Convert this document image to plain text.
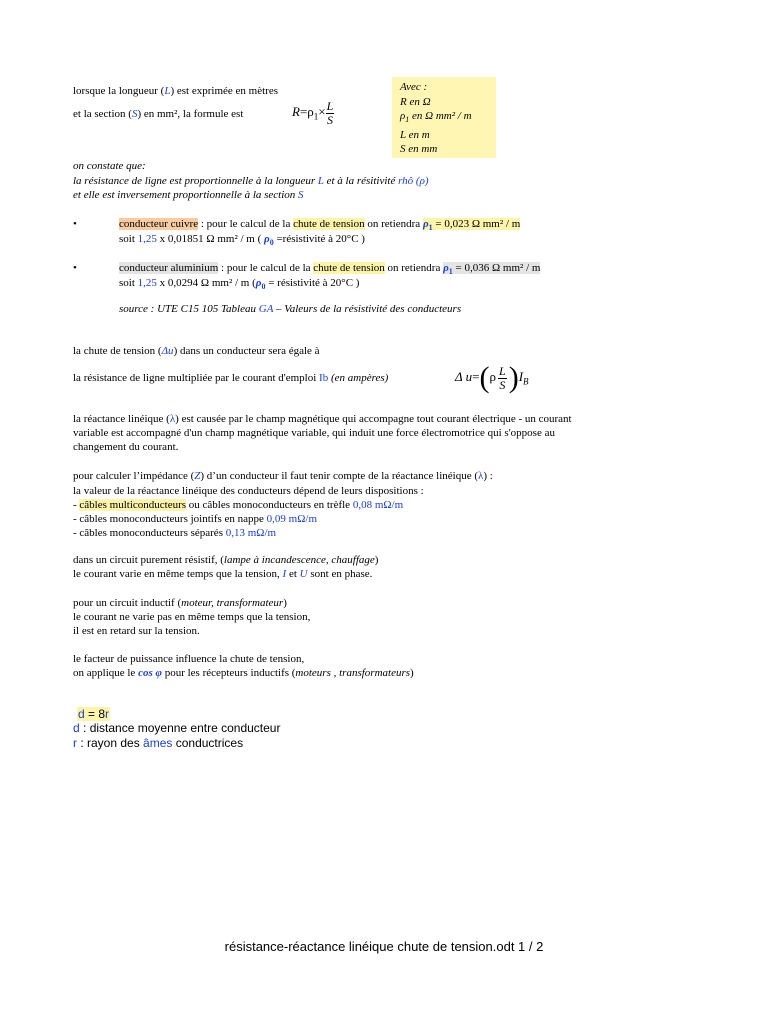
lorsque la longueur (L) est exprimée en mètres
et la section (S) en mm², la formule est	$R=\rho_1\times \frac{L}{S}$
Avec :
R en Ω
$\rho_1$ en Ω mm² / m
L en m
S en mm
on constate que:
la résistance de ligne est proportionnelle à la longueur L et à la résitivité rhô (ρ)
et elle est inversement proportionnelle à la section S
•	conducteur cuivre : pour le calcul de la chute de tension on retiendra $\rho_1 = 0,023$ Ω mm² / m
soit 1,25 x 0,01851 Ω mm² / m ( $\rho_0$ =résistivité à 20°C )
•	conducteur aluminium : pour le calcul de la chute de tension on retiendra $\rho_1 = 0,036$ Ω mm² / m
soit 1,25 x 0,0294 Ω mm² / m ($\rho_0$ = résistivité à 20°C )
source : UTE C15 105 Tableau GA – Valeurs de la résistivité des conducteurs
la chute de tension (Δu) dans un conducteur sera égale à
la résistance de ligne multipliée par le courant d'emploi Ib (en ampères)	Δ $u=(\rho \frac{L}{S} )I_B$
la réactance linéique (λ) est causée par le champ magnétique qui accompagne tout courant électrique - un courant
variable est accompagné d'un champ magnétique variable, qui induit une force électromotrice qui s'oppose au
changement du courant.
pour calculer l’impédance (Z) d’un conducteur il faut tenir compte de la réactance linéique (λ) :
la valeur de la réactance linéique des conducteurs dépend de leurs dispositions :
- câbles multiconducteurs ou câbles monoconducteurs en trèfle 0,08 mΩ/m
- câbles monoconducteurs jointifs en nappe 0,09 mΩ/m
- câbles monoconducteurs séparés 0,13 mΩ/m
dans un circuit purement résistif, (lampe à incandescence, chauffage)
le courant varie en même temps que la tension, I et U sont en phase.
pour un circuit inductif (moteur, transformateur)
le courant ne varie pas en même temps que la tension,
il est en retard sur la tension.
le facteur de puissance influence la chute de tension,
on applique le cos φ pour les récepteurs inductifs (moteurs , transformateurs)
d = 8r
d : distance moyenne entre conducteur
r : rayon des âmes conductrices
résistance-réactance linéique chute de tension.odt 1 / 2
